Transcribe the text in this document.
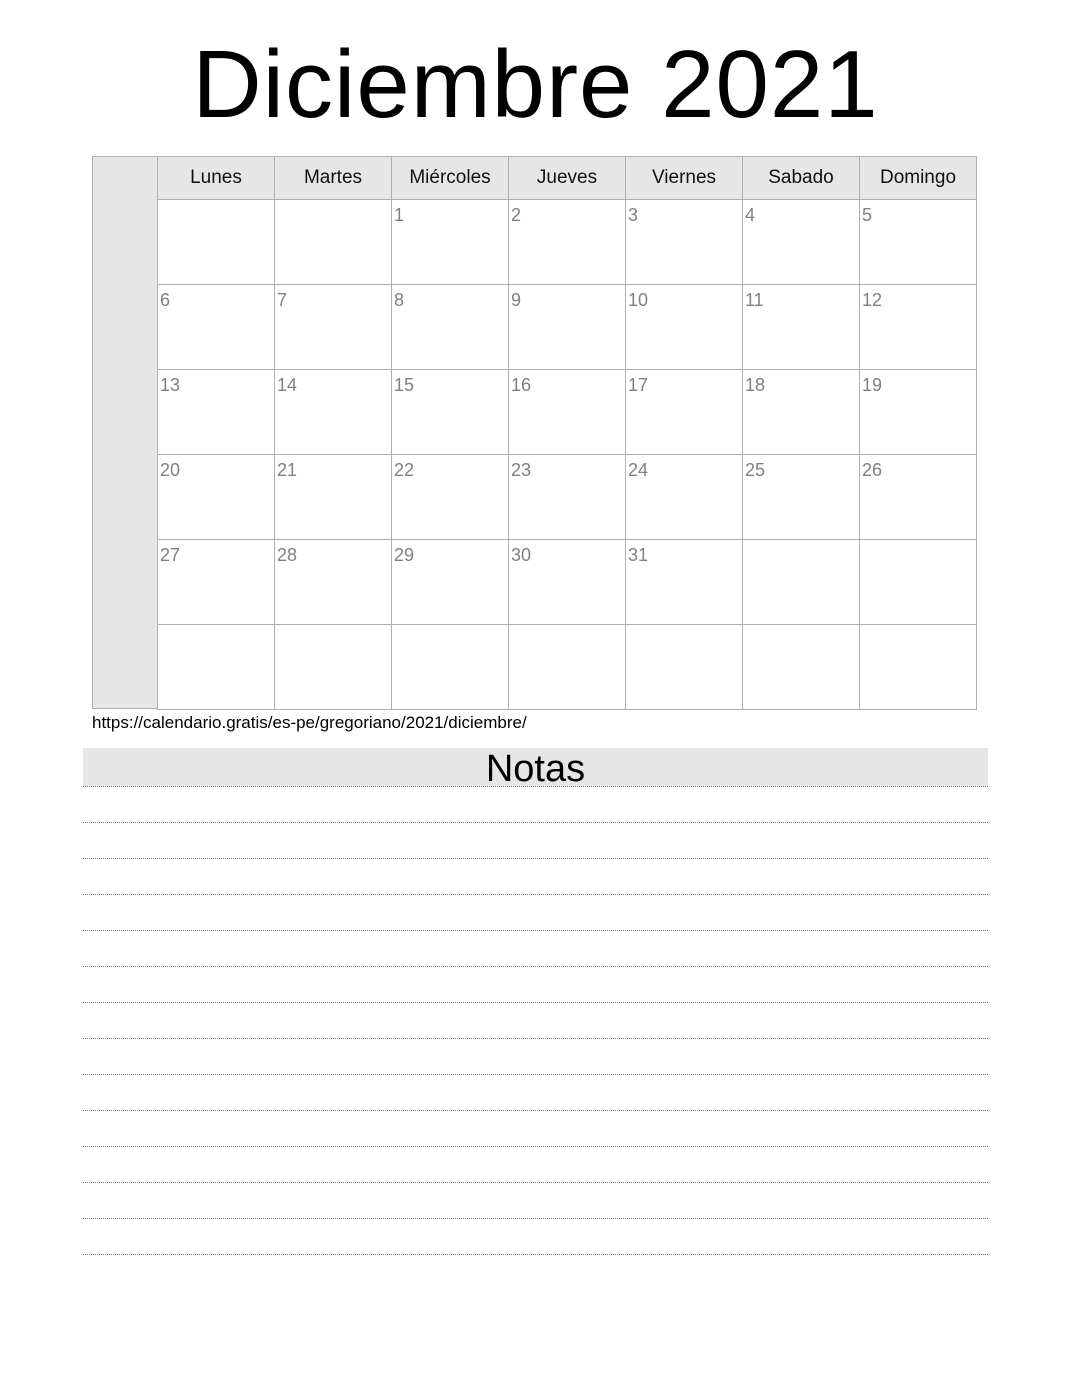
Diciembre 2021
Lunes	Martes	Miércoles	Jueves	Viernes	Sabado	Domingo

		1	2	3	4	5

6	7	8	9	10	11	12

13	14	15	16	17	18	19

20	21	22	23	24	25	26

27	28	29	30	31		

https://calendario.gratis/es-pe/gregoriano/2021/diciembre/
Notas
